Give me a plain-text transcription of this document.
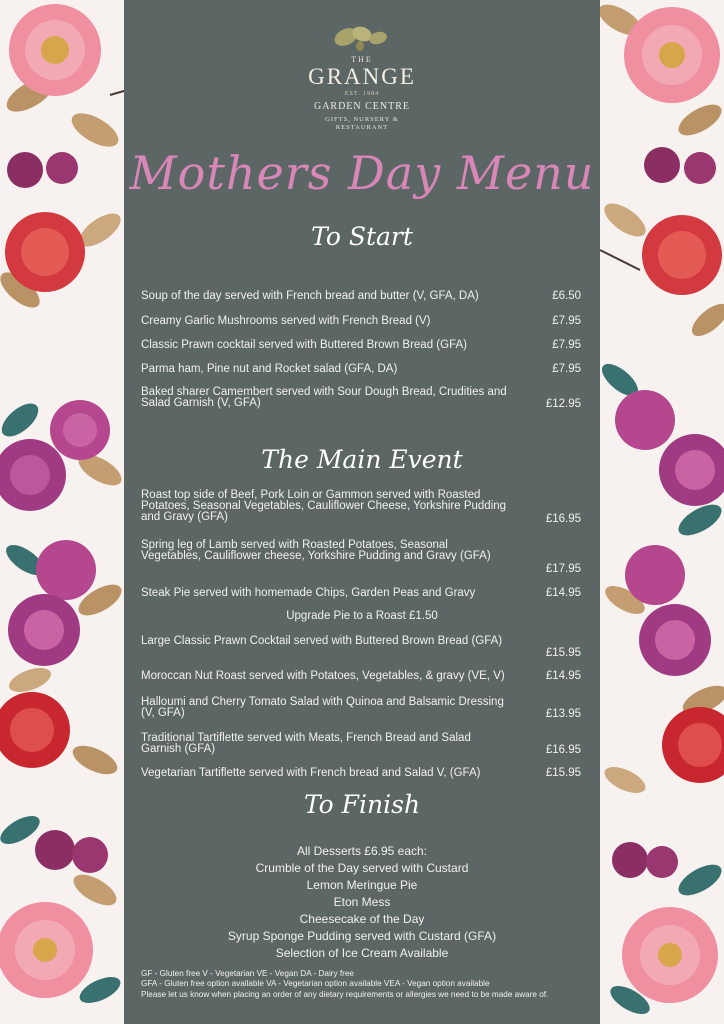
THE
GRANGE
EST. 1984
GARDEN CENTRE
GIFTS, NURSERY &
RESTAURANT
Mothers Day Menu
To Start
Soup of the day served with French bread and butter (V, GFA, DA)	£6.50
Creamy Garlic Mushrooms served with French Bread (V)	£7.95
Classic Prawn cocktail served with Buttered Brown Bread (GFA)	£7.95
Parma ham, Pine nut and Rocket salad (GFA, DA)	£7.95
Baked sharer Camembert served with Sour Dough Bread, Crudities and Salad Garnish (V, GFA)	£12.95
The Main Event
Roast top side of Beef, Pork Loin or Gammon served with Roasted Potatoes, Seasonal Vegetables, Cauliflower Cheese, Yorkshire Pudding and Gravy (GFA)	£16.95
Spring leg of Lamb served with Roasted Potatoes, Seasonal Vegetables, Cauliflower cheese, Yorkshire Pudding and Gravy (GFA)
£17.95
Steak Pie served with homemade Chips, Garden Peas and Gravy	£14.95
Upgrade Pie to a Roast £1.50
Large Classic Prawn Cocktail served with Buttered Brown Bread (GFA)
£15.95
Moroccan Nut Roast served with Potatoes, Vegetables, & gravy (VE, V)	£14.95
Halloumi and Cherry Tomato Salad with Quinoa and Balsamic Dressing (V, GFA)	£13.95
Traditional Tartiflette served with Meats, French Bread and Salad Garnish (GFA)	£16.95
Vegetarian Tartiflette served with French bread and Salad V, (GFA)	£15.95
To Finish
All Desserts £6.95 each:
Crumble of the Day served with Custard
Lemon Meringue Pie
Eton Mess
Cheesecake of the Day
Syrup Sponge Pudding served with Custard (GFA)
Selection of Ice Cream Available
GF - Gluten free V - Vegetarian VE - Vegan DA - Dairy free
GFA - Gluten free option available VA - Vegetarian option available VEA - Vegan option available
Please let us know when placing an order of any dietary requirements or allergies we need to be made aware of.
